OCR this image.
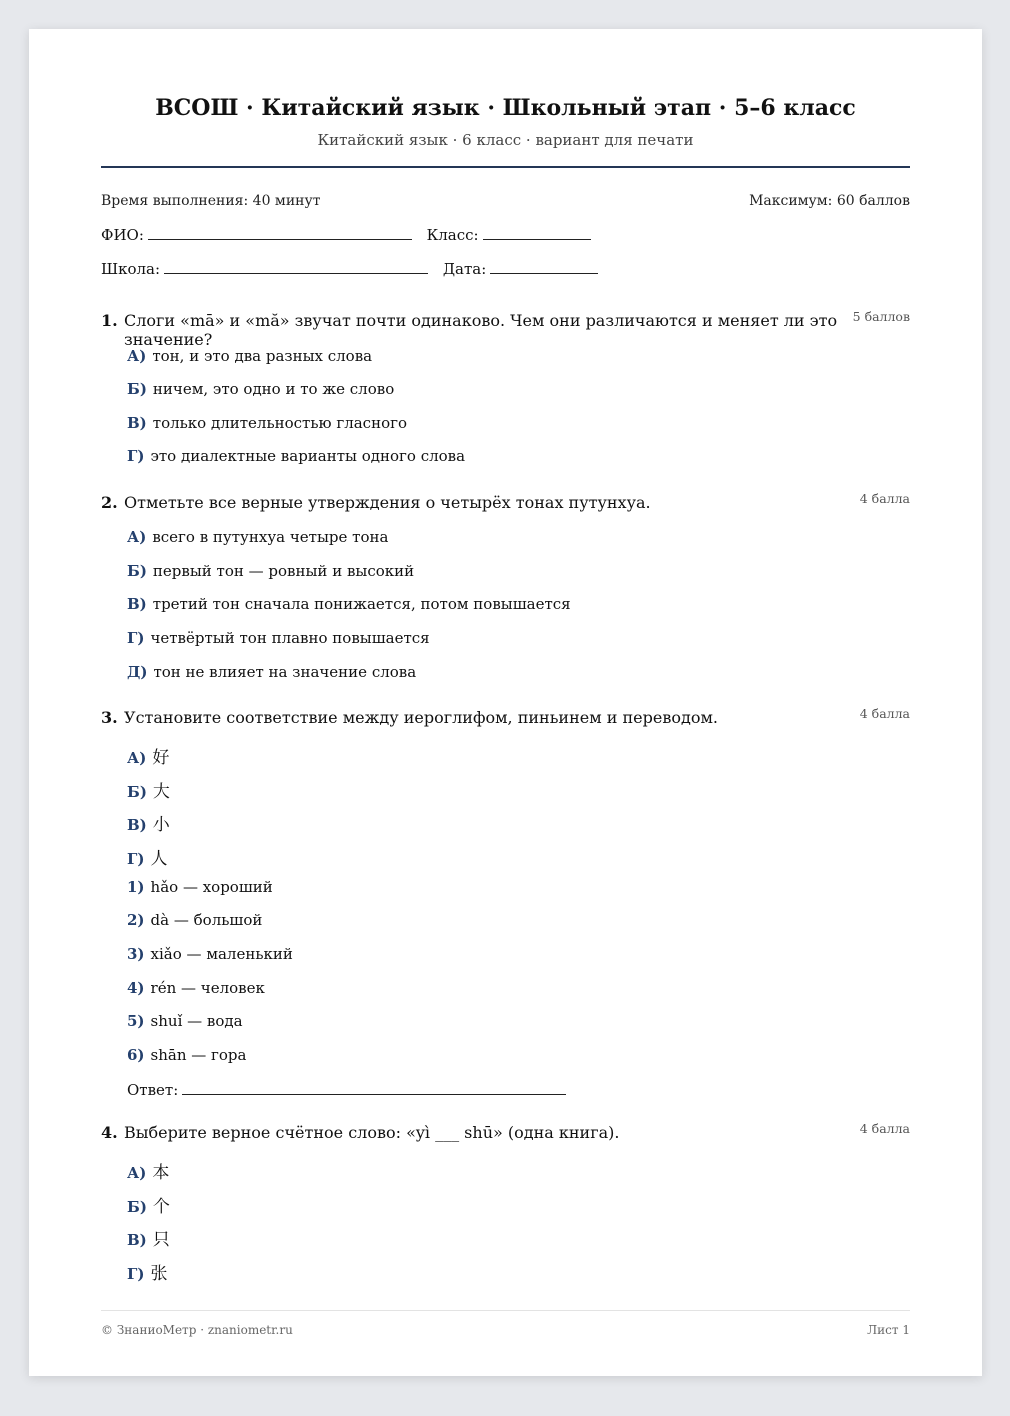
ВСОШ · Китайский язык · Школьный этап · 5–6 класс
Китайский язык · 6 класс · вариант для печати
Время выполнения: 40 минут	Максимум: 60 баллов
ФИО:	Класс:
Школа:	Дата:
1. Слоги «mā» и «mă» звучат почти одинаково. Чем они различаются и меняет ли это значение?
5 баллов
А) тон, и это два разных слова
Б) ничем, это одно и то же слово
В) только длительностью гласного
Г) это диалектные варианты одного слова
2. Отметьте все верные утверждения о четырёх тонах путунхуа.	4 балла
А) всего в путунхуа четыре тона
Б) первый тон — ровный и высокий
В) третий тон сначала понижается, потом повышается
Г) четвёртый тон плавно повышается
Д) тон не влияет на значение слова
3. Установите соответствие между иероглифом, пиньинем и переводом.	4 балла
А) 好
Б) 大
В) 小
Г) 人
1) hǎo — хороший
2) dà — большой
3) xiǎo — маленький
4) rén — человек
5) shuǐ — вода
6) shān — гора
Ответ:
4. Выберите верное счётное слово: «yì ___ shū» (одна книга).	4 балла
А) 本
Б) 个
В) 只
Г) 张
© ЗнаниоМетр · znaniometr.ru	Лист 1
